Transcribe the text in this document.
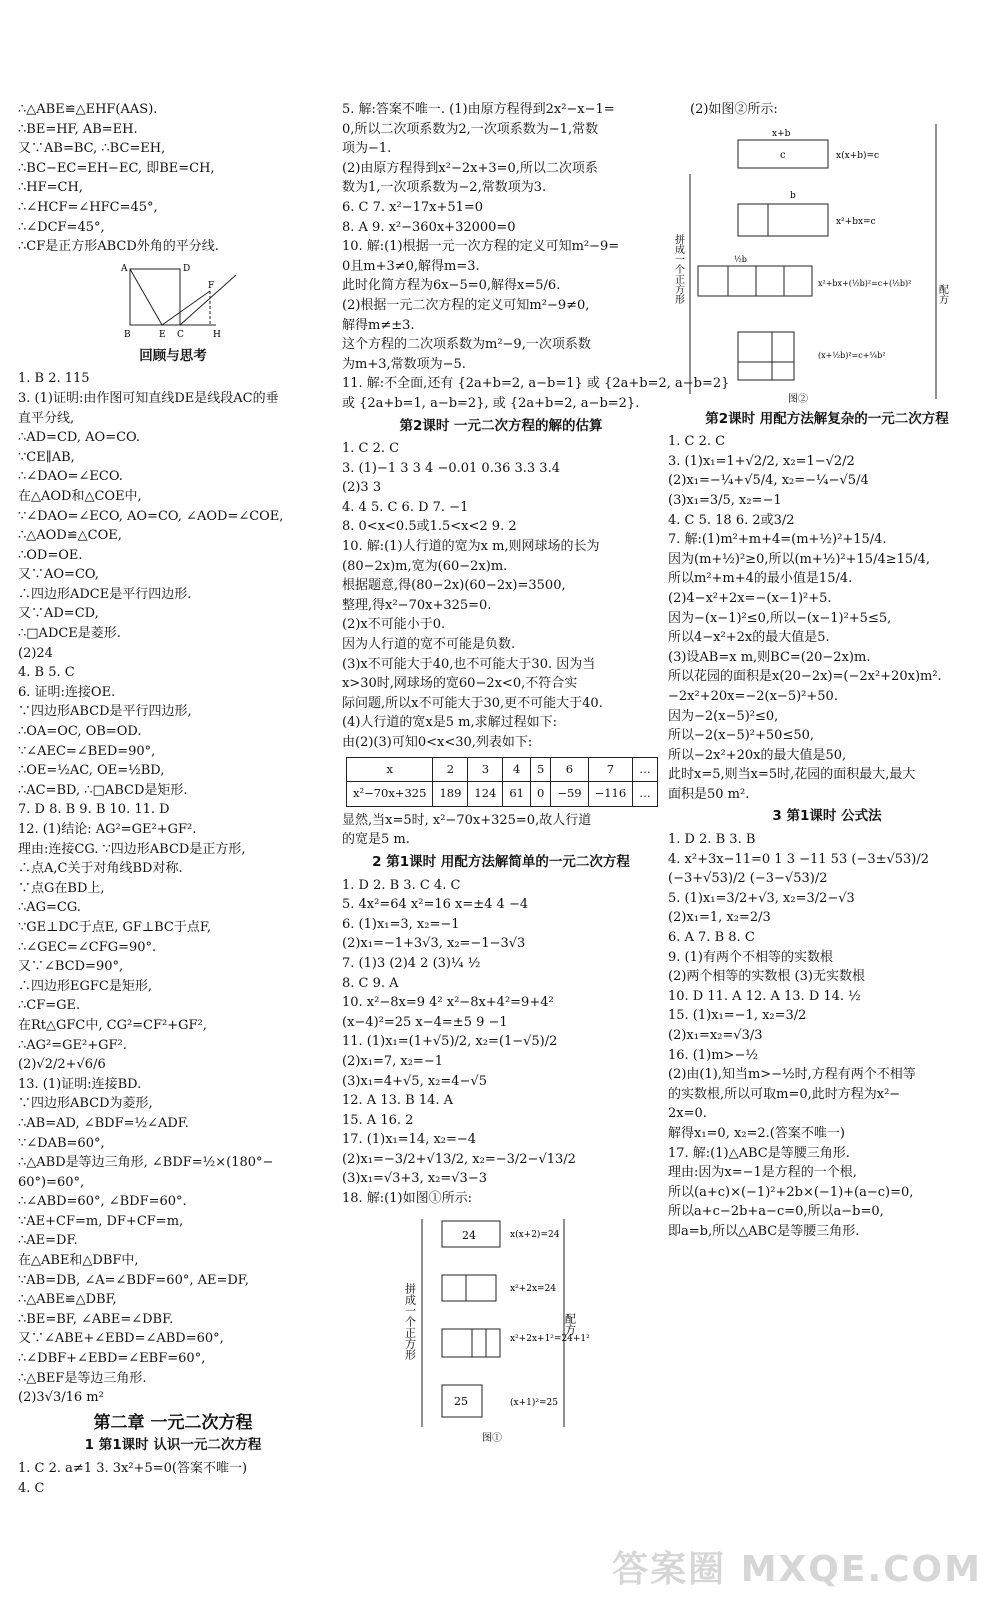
∴△ABE≌△EHF(AAS).
∴BE=HF, AB=EH.
又∵AB=BC, ∴BC=EH,
∴BC−EC=EH−EC, 即BE=CH,
∴HF=CH,
∴∠HCF=∠HFC=45°,
∴∠DCF=45°,
∴CF是正方形ABCD外角的平分线.
A	D
F
B	E C	H
回顾与思考
1. B 2. 115
3. (1)证明:由作图可知直线DE是线段AC的垂
直平分线,
∴AD=CD, AO=CO.
∵CE∥AB,
∴∠DAO=∠ECO.
在△AOD和△COE中,
∵∠DAO=∠ECO, AO=CO, ∠AOD=∠COE,
∴△AOD≌△COE,
∴OD=OE.
又∵AO=CO,
∴四边形ADCE是平行四边形.
又∵AD=CD,
∴□ADCE是菱形.
(2)24
4. B 5. C
6. 证明:连接OE.
∵四边形ABCD是平行四边形,
∴OA=OC, OB=OD.
∵∠AEC=∠BED=90°,
∴OE=½AC, OE=½BD,
∴AC=BD, ∴□ABCD是矩形.
7. D 8. B 9. B 10. 11. D
12. (1)结论: AG²=GE²+GF².
理由:连接CG. ∵四边形ABCD是正方形,
∴点A,C关于对角线BD对称.
∵点G在BD上,
∴AG=CG.
∵GE⊥DC于点E, GF⊥BC于点F,
∴∠GEC=∠CFG=90°.
又∵∠BCD=90°,
∴四边形EGFC是矩形,
∴CF=GE.
在Rt△GFC中, CG²=CF²+GF²,
∴AG²=GE²+GF².
(2)√2/2+√6/6
13. (1)证明:连接BD.
∵四边形ABCD为菱形,
∴AB=AD, ∠BDF=½∠ADF.
∵∠DAB=60°,
∴△ABD是等边三角形, ∠BDF=½×(180°−
60°)=60°,
∴∠ABD=60°, ∠BDF=60°.
∵AE+CF=m, DF+CF=m,
∴AE=DF.
在△ABE和△DBF中,
∵AB=DB, ∠A=∠BDF=60°, AE=DF,
∴△ABE≌△DBF,
∴BE=BF, ∠ABE=∠DBF.
又∵∠ABE+∠EBD=∠ABD=60°,
∴∠DBF+∠EBD=∠EBF=60°,
∴△BEF是等边三角形.
(2)3√3/16 m²
第二章 一元二次方程
1 第1课时 认识一元二次方程
1. C 2. a≠1 3. 3x²+5=0(答案不唯一)
4. C
5. 解:答案不唯一. (1)由原方程得到2x²−x−1=
0,所以二次项系数为2,一次项系数为−1,常数
项为−1.
(2)由原方程得到x²−2x+3=0,所以二次项系
数为1,一次项系数为−2,常数项为3.
6. C 7. x²−17x+51=0
8. A 9. x²−360x+32000=0
10. 解:(1)根据一元一次方程的定义可知m²−9=
0且m+3≠0,解得m=3.
此时化简方程为6x−5=0,解得x=5/6.
(2)根据一元二次方程的定义可知m²−9≠0,
解得m≠±3.
这个方程的二次项系数为m²−9,一次项系数
为m+3,常数项为−5.
11. 解:不全面,还有 {2a+b=2, a−b=1} 或 {2a+b=2, a−b=2}
或 {2a+b=1, a−b=2}, 或 {2a+b=2, a−b=2}.
第2课时 一元二次方程的解的估算
1. C 2. C
3. (1)−1 3 3 4 −0.01 0.36 3.3 3.4
(2)3 3
4. 4 5. C 6. D 7. −1
8. 0<x<0.5或1.5<x<2 9. 2
10. 解:(1)人行道的宽为x m,则网球场的长为
(80−2x)m,宽为(60−2x)m.
根据题意,得(80−2x)(60−2x)=3500,
整理,得x²−70x+325=0.
(2)x不可能小于0.
因为人行道的宽不可能是负数.
(3)x不可能大于40,也不可能大于30. 因为当
x>30时,网球场的宽60−2x<0,不符合实
际问题,所以x不可能大于30,更不可能大于40.
(4)人行道的宽x是5 m,求解过程如下:
由(2)(3)可知0<x<30,列表如下:
x	2	3	4	5	6	7	…
x²−70x+325	189	124	61	0	−59	−116	…
显然,当x=5时, x²−70x+325=0,故人行道
的宽是5 m.
2 第1课时 用配方法解简单的一元二次方程
1. D 2. B 3. C 4. C
5. 4x²=64 x²=16 x=±4 4 −4
6. (1)x₁=3, x₂=−1
(2)x₁=−1+3√3, x₂=−1−3√3
7. (1)3 (2)4 2 (3)¼ ½
8. C 9. A
10. x²−8x=9 4² x²−8x+4²=9+4²
(x−4)²=25 x−4=±5 9 −1
11. (1)x₁=(1+√5)/2, x₂=(1−√5)/2
(2)x₁=7, x₂=−1
(3)x₁=4+√5, x₂=4−√5
12. A 13. B 14. A
15. A 16. 2
17. (1)x₁=14, x₂=−4
(2)x₁=−3/2+√13/2, x₂=−3/2−√13/2
(3)x₁=√3+3, x₂=√3−3
18. 解:(1)如图①所示:
拼成一个正方形	配方
24	x(x+2)=24
x²+2x=24
x²+2x+1²=24+1²
25	(x+1)²=25
图①
(2)如图②所示:
拼成一个正方形	配方
x+b
c	x(x+b)=c
b
x²+bx=c
½b
x²+bx+(½b)²=c+(½b)²
(x+½b)²=c+¼b²
图②
第2课时 用配方法解复杂的一元二次方程
1. C 2. C
3. (1)x₁=1+√2/2, x₂=1−√2/2
(2)x₁=−¼+√5/4, x₂=−¼−√5/4
(3)x₁=3/5, x₂=−1
4. C 5. 18 6. 2或3/2
7. 解:(1)m²+m+4=(m+½)²+15/4.
因为(m+½)²≥0,所以(m+½)²+15/4≥15/4,
所以m²+m+4的最小值是15/4.
(2)4−x²+2x=−(x−1)²+5.
因为−(x−1)²≤0,所以−(x−1)²+5≤5,
所以4−x²+2x的最大值是5.
(3)设AB=x m,则BC=(20−2x)m.
所以花园的面积是x(20−2x)=(−2x²+20x)m².
−2x²+20x=−2(x−5)²+50.
因为−2(x−5)²≤0,
所以−2(x−5)²+50≤50,
所以−2x²+20x的最大值是50,
此时x=5,则当x=5时,花园的面积最大,最大
面积是50 m².
3 第1课时 公式法
1. D 2. B 3. B
4. x²+3x−11=0 1 3 −11 53 (−3±√53)/2
(−3+√53)/2 (−3−√53)/2
5. (1)x₁=3/2+√3, x₂=3/2−√3
(2)x₁=1, x₂=2/3
6. A 7. B 8. C
9. (1)有两个不相等的实数根
(2)两个相等的实数根 (3)无实数根
10. D 11. A 12. A 13. D 14. ½
15. (1)x₁=−1, x₂=3/2
(2)x₁=x₂=√3/3
16. (1)m>−½
(2)由(1),知当m>−½时,方程有两个不相等
的实数根,所以可取m=0,此时方程为x²−
2x=0.
解得x₁=0, x₂=2.(答案不唯一)
17. 解:(1)△ABC是等腰三角形.
理由:因为x=−1是方程的一个根,
所以(a+c)×(−1)²+2b×(−1)+(a−c)=0,
所以a+c−2b+a−c=0,所以a−b=0,
即a=b,所以△ABC是等腰三角形.
答案圈 MXQE.COM
